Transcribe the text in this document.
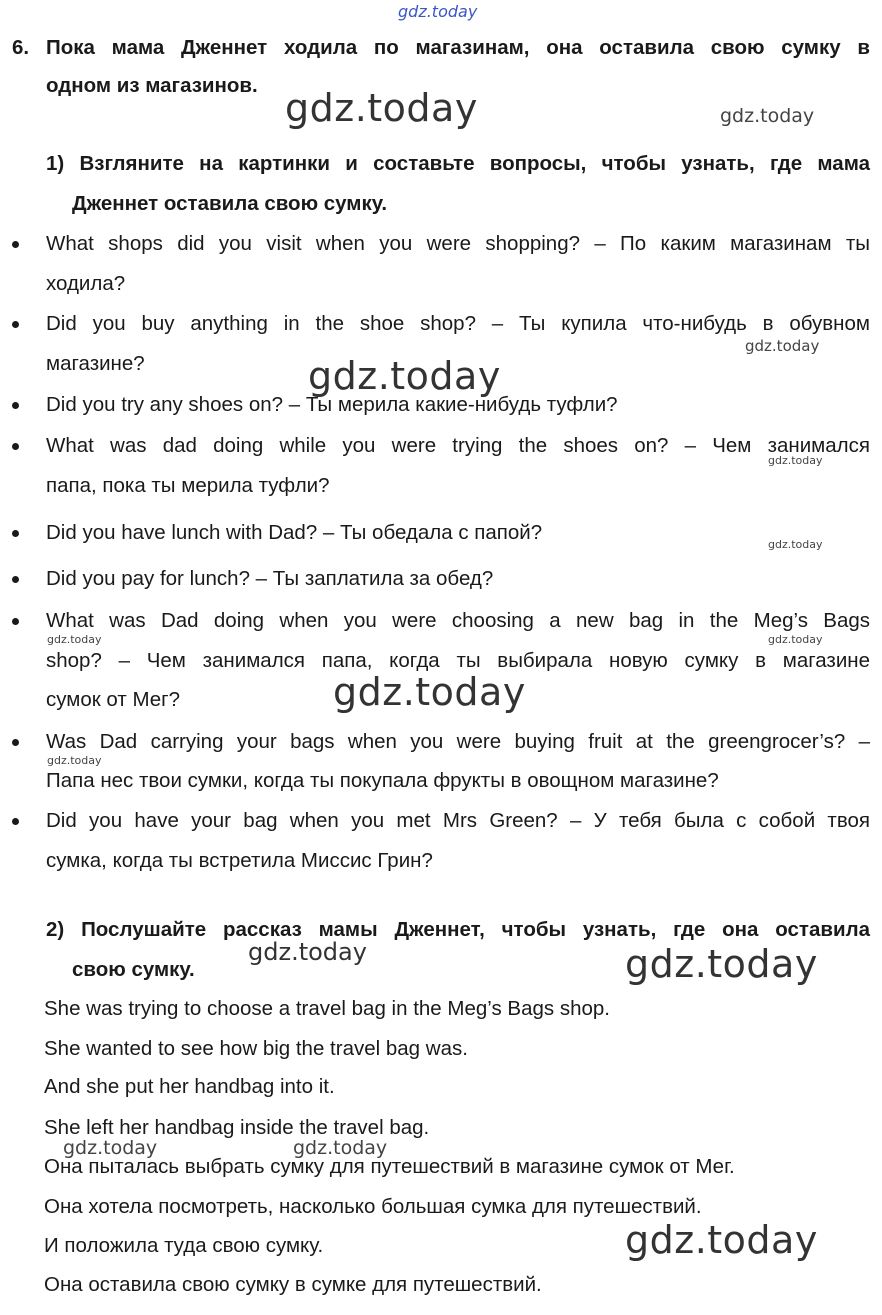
6. Пока мама Дженнет ходила по магазинам, она оставила свою сумку в
одном из магазинов.
1) Взгляните на картинки и составьте вопросы, чтобы узнать, где мама
Дженнет оставила свою сумку.
What shops did you visit when you were shopping? – По каким магазинам ты
ходила?
Did you buy anything in the shoe shop? – Ты купила что-нибудь в обувном
магазине?
Did you try any shoes on? – Ты мерила какие-нибудь туфли?
What was dad doing while you were trying the shoes on? – Чем занимался
папа, пока ты мерила туфли?
Did you have lunch with Dad? – Ты обедала с папой?
Did you pay for lunch? – Ты заплатила за обед?
What was Dad doing when you were choosing a new bag in the Meg’s Bags
shop? – Чем занимался папа, когда ты выбирала новую сумку в магазине
сумок от Мег?
Was Dad carrying your bags when you were buying fruit at the greengrocer’s? –
Папа нес твои сумки, когда ты покупала фрукты в овощном магазине?
Did you have your bag when you met Mrs Green? – У тебя была с собой твоя
сумка, когда ты встретила Миссис Грин?
2) Послушайте рассказ мамы Дженнет, чтобы узнать, где она оставила
свою сумку.
She was trying to choose a travel bag in the Meg’s Bags shop.
She wanted to see how big the travel bag was.
And she put her handbag into it.
She left her handbag inside the travel bag.
Она пыталась выбрать сумку для путешествий в магазине сумок от Мег.
Она хотела посмотреть, насколько большая сумка для путешествий.
И положила туда свою сумку.
Она оставила свою сумку в сумке для путешествий.
gdz.today
gdz.today	gdz.today
gdz.today
gdz.today
gdz.today
gdz.today
gdz.today	gdz.today
gdz.today
gdz.today
gdz.today	gdz.today
gdz.today	gdz.today
gdz.today
